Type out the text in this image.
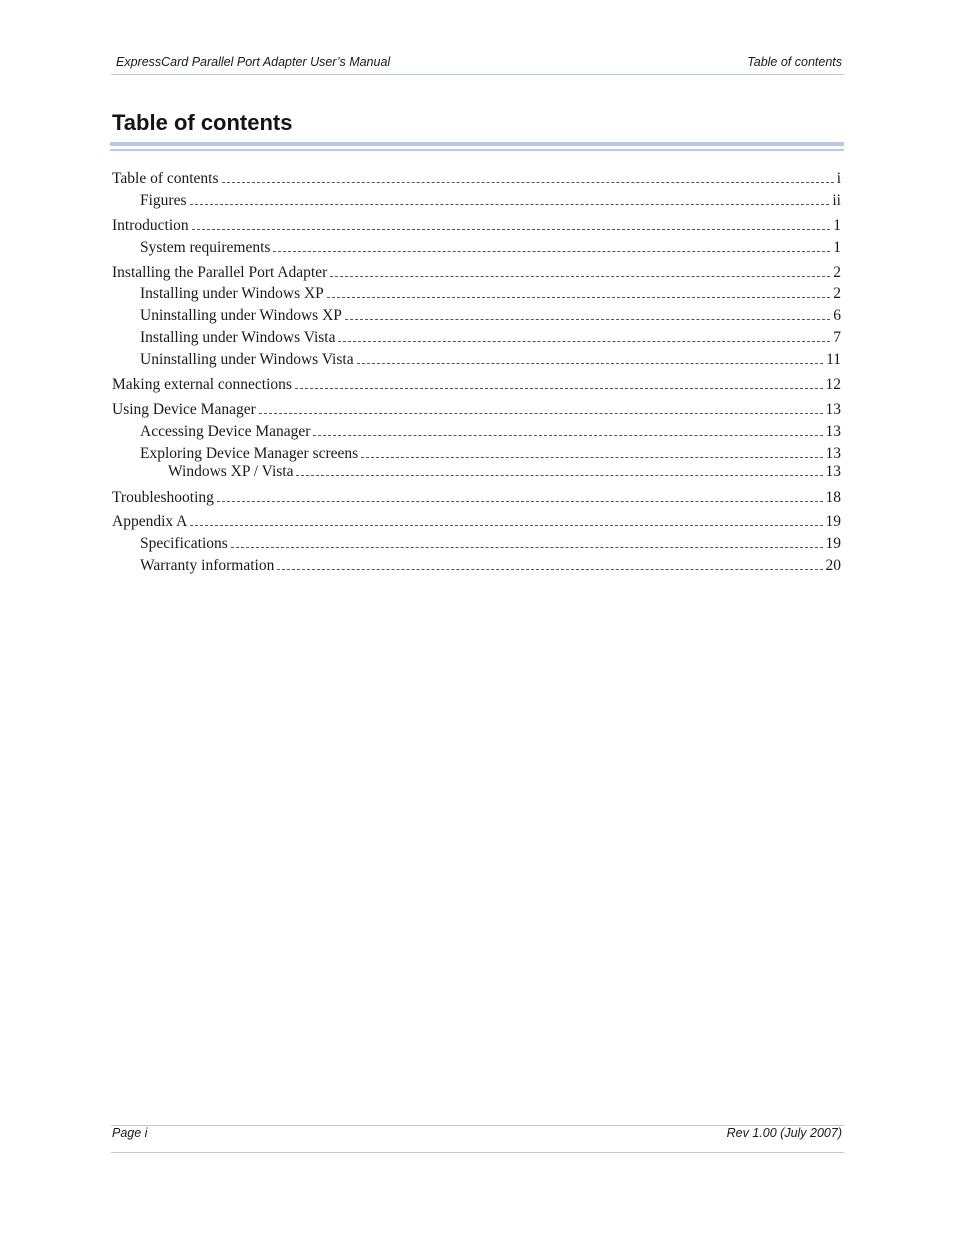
ExpressCard Parallel Port Adapter User’s Manual	Table of contents
Table of contents
Table of contents	i
Figures	ii
Introduction	1
System requirements	1
Installing the Parallel Port Adapter	2
Installing under Windows XP	2
Uninstalling under Windows XP	6
Installing under Windows Vista	7
Uninstalling under Windows Vista	11
Making external connections	12
Using Device Manager	13
Accessing Device Manager	13
Exploring Device Manager screens	13
Windows XP / Vista	13
Troubleshooting	18
Appendix A	19
Specifications	19
Warranty information	20
Page i	Rev 1.00 (July 2007)
